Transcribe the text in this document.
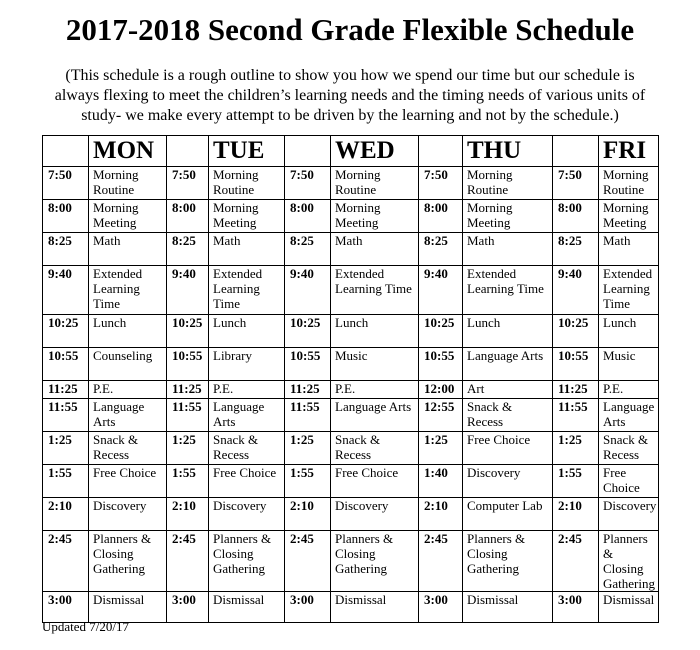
2017-2018 Second Grade Flexible Schedule
(This schedule is a rough outline to show you how we spend our time but our schedule is always flexing to meet the children’s learning needs and the timing needs of various units of study- we make every attempt to be driven by the learning and not by the schedule.)
	MON		TUE		WED		THU		FRI
7:50	Morning Routine	7:50	Morning Routine	7:50	Morning Routine	7:50	Morning Routine	7:50	Morning Routine
8:00	Morning Meeting	8:00	Morning Meeting	8:00	Morning Meeting	8:00	Morning Meeting	8:00	Morning Meeting
8:25	Math	8:25	Math	8:25	Math	8:25	Math	8:25	Math
9:40	Extended Learning Time	9:40	Extended Learning Time	9:40	Extended Learning Time	9:40	Extended Learning Time	9:40	Extended Learning Time
10:25	Lunch	10:25	Lunch	10:25	Lunch	10:25	Lunch	10:25	Lunch
10:55	Counseling	10:55	Library	10:55	Music	10:55	Language Arts	10:55	Music
11:25	P.E.	11:25	P.E.	11:25	P.E.	12:00	Art	11:25	P.E.
11:55	Language Arts	11:55	Language Arts	11:55	Language Arts	12:55	Snack & Recess	11:55	Language Arts
1:25	Snack & Recess	1:25	Snack & Recess	1:25	Snack & Recess	1:25	Free Choice	1:25	Snack & Recess
1:55	Free Choice	1:55	Free Choice	1:55	Free Choice	1:40	Discovery	1:55	Free Choice
2:10	Discovery	2:10	Discovery	2:10	Discovery	2:10	Computer Lab	2:10	Discovery
2:45	Planners & Closing Gathering	2:45	Planners & Closing Gathering	2:45	Planners & Closing Gathering	2:45	Planners & Closing Gathering	2:45	Planners & Closing Gathering
3:00	Dismissal	3:00	Dismissal	3:00	Dismissal	3:00	Dismissal	3:00	Dismissal
Updated 7/20/17
